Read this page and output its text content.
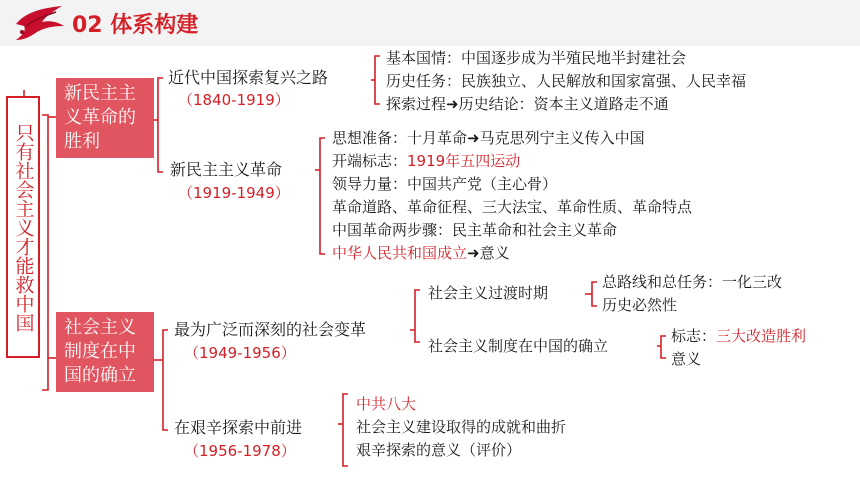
02 体系构建
只有社会主义才能救中国
新民主主义革命的胜利
近代中国探索复兴之路
（1840-1919）
基本国情：中国逐步成为半殖民地半封建社会
历史任务：民族独立、人民解放和国家富强、人民幸福
探索过程➜历史结论：资本主义道路走不通
新民主主义革命
（1919-1949）
思想准备：十月革命➜马克思列宁主义传入中国
开端标志：1919年五四运动
领导力量：中国共产党（主心骨）
革命道路、革命征程、三大法宝、革命性质、革命特点
中国革命两步骤：民主革命和社会主义革命
中华人民共和国成立➜意义
社会主义制度在中国的确立
最为广泛而深刻的社会变革
（1949-1956）
社会主义过渡时期
总路线和总任务：一化三改
历史必然性
社会主义制度在中国的确立
标志：三大改造胜利
意义
在艰辛探索中前进
（1956-1978）
中共八大
社会主义建设取得的成就和曲折
艰辛探索的意义（评价）
